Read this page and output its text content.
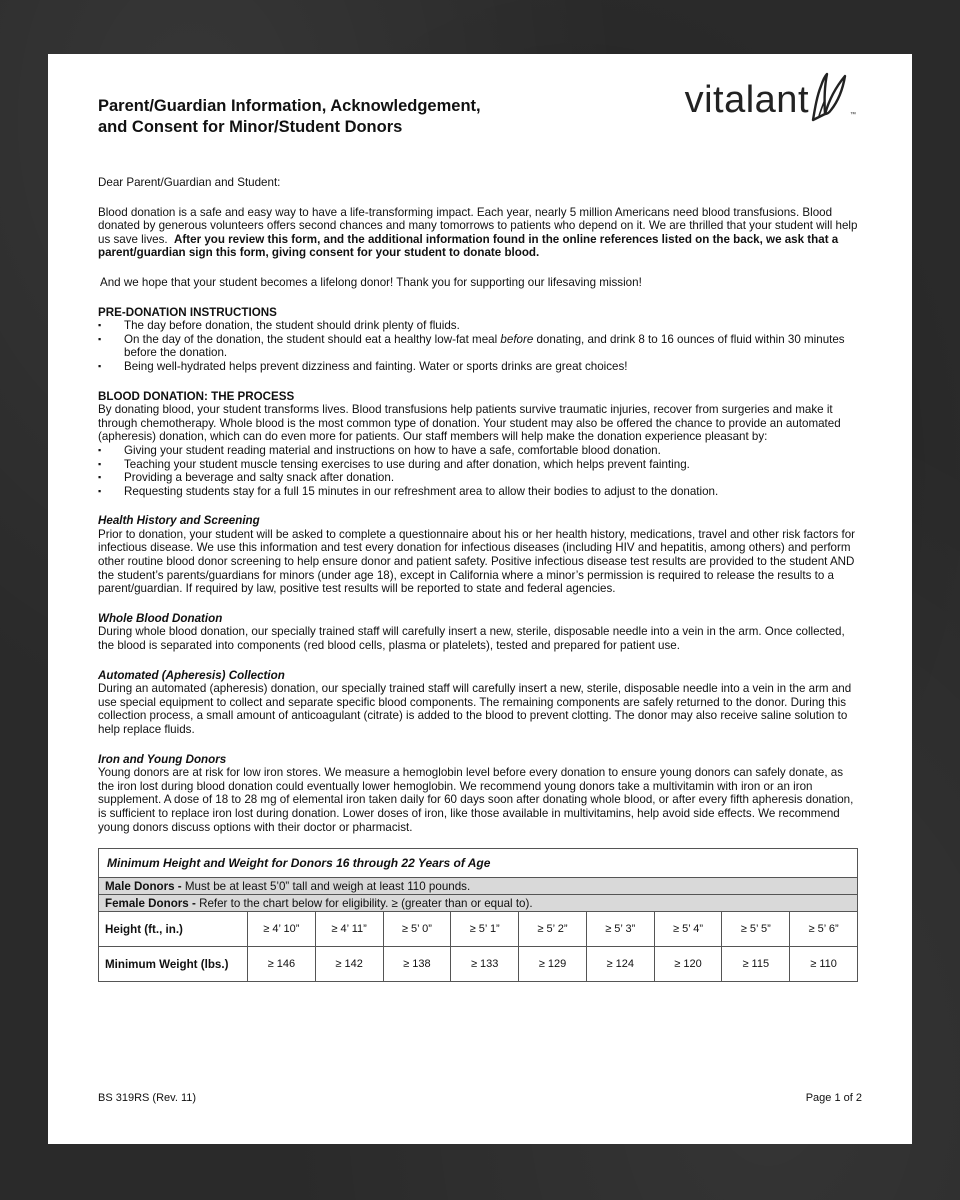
Parent/Guardian Information, Acknowledgement,
and Consent for Minor/Student Donors
vitalant	™

Dear Parent/Guardian and Student:

Blood donation is a safe and easy way to have a life-transforming impact. Each year, nearly 5 million Americans need blood transfusions. Blood donated by generous volunteers offers second chances and many tomorrows to patients who depend on it. We are thrilled that your student will help us save lives. After you review this form, and the additional information found in the online references listed on the back, we ask that a parent/guardian sign this form, giving consent for your student to donate blood.

And we hope that your student becomes a lifelong donor! Thank you for supporting our lifesaving mission!

PRE-DONATION INSTRUCTIONS
▪ The day before donation, the student should drink plenty of fluids.
▪ On the day of the donation, the student should eat a healthy low-fat meal before donating, and drink 8 to 16 ounces of fluid within 30 minutes before the donation.
▪ Being well-hydrated helps prevent dizziness and fainting. Water or sports drinks are great choices!
BLOOD DONATION: THE PROCESS

By donating blood, your student transforms lives. Blood transfusions help patients survive traumatic injuries, recover from surgeries and make it through chemotherapy. Whole blood is the most common type of donation. Your student may also be offered the chance to provide an automated (apheresis) donation, which can do even more for patients. Our staff members will help make the donation experience pleasant by:

▪ Giving your student reading material and instructions on how to have a safe, comfortable blood donation.
▪ Teaching your student muscle tensing exercises to use during and after donation, which helps prevent fainting.
▪ Providing a beverage and salty snack after donation.
▪ Requesting students stay for a full 15 minutes in our refreshment area to allow their bodies to adjust to the donation.
Health History and Screening

Prior to donation, your student will be asked to complete a questionnaire about his or her health history, medications, travel and other risk factors for infectious disease. We use this information and test every donation for infectious diseases (including HIV and hepatitis, among others) and perform other routine blood donor screening to help ensure donor and patient safety. Positive infectious disease test results are provided to the student AND the student’s parents/guardians for minors (under age 18), except in California where a minor’s permission is required to release the results to a parent/guardian. If required by law, positive test results will be reported to state and federal agencies.

Whole Blood Donation

During whole blood donation, our specially trained staff will carefully insert a new, sterile, disposable needle into a vein in the arm. Once collected, the blood is separated into components (red blood cells, plasma or platelets), tested and prepared for patient use.

Automated (Apheresis) Collection

During an automated (apheresis) donation, our specially trained staff will carefully insert a new, sterile, disposable needle into a vein in the arm and use special equipment to collect and separate specific blood components. The remaining components are safely returned to the donor. During this collection process, a small amount of anticoagulant (citrate) is added to the blood to prevent clotting. The donor may also receive saline solution to help replace fluids.

Iron and Young Donors

Young donors are at risk for low iron stores. We measure a hemoglobin level before every donation to ensure young donors can safely donate, as the iron lost during blood donation could eventually lower hemoglobin. We recommend young donors take a multivitamin with iron or an iron supplement. A dose of 18 to 28 mg of elemental iron taken daily for 60 days soon after donating whole blood, or after every fifth apheresis donation, is sufficient to replace iron lost during donation. Lower doses of iron, like those available in multivitamins, help avoid side effects. We recommend young donors discuss options with their doctor or pharmacist.

Minimum Height and Weight for Donors 16 through 22 Years of Age									
Male Donors - Must be at least 5’0” tall and weigh at least 110 pounds.									
Female Donors - Refer to the chart below for eligibility. ≥ (greater than or equal to).									
Height (ft., in.)	≥ 4’ 10”	≥ 4’ 11”	≥ 5’ 0”	≥ 5’ 1”	≥ 5’ 2”	≥ 5’ 3”	≥ 5’ 4”	≥ 5’ 5”	≥ 5’ 6”
Minimum Weight (lbs.)	≥ 146	≥ 142	≥ 138	≥ 133	≥ 129	≥ 124	≥ 120	≥ 115	≥ 110
BS 319RS (Rev. 11)	Page 1 of 2
